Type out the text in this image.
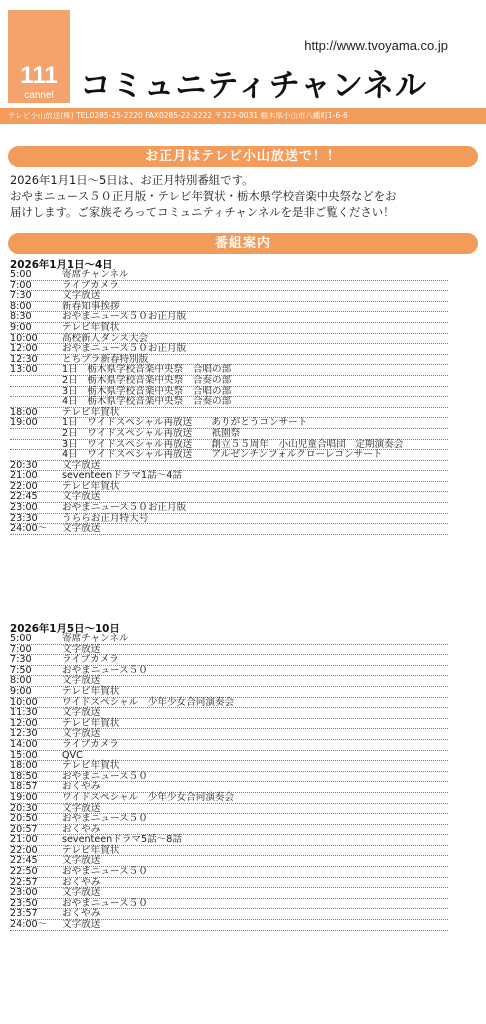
111
cannel
http://www.tvoyama.co.jp
コミュニティチャンネル
テレビ小山放送(株) TEL0285-25-2220 FAX0285-22-2222 〒323-0031 栃木県小山市八幡町1-6-6
お正月はテレビ小山放送で！！
2026年1月1日～5日は、お正月特別番組です。
おやまニュース５０正月版・テレビ年賀状・栃木県学校音楽中央祭などをお
届けします。ご家族そろってコミュニティチャンネルを是非ご覧ください！
番組案内
2026年1月1日～4日
5:00	寄席チャンネル
7:00	ライブカメラ
7:30	文字放送
8:00	新春知事挨拶
8:30	おやまニュース５０お正月版
9:00	テレビ年賀状
10:00	高校新人ダンス大会
12:00	おやまニュース５０お正月版
12:30	とちプラ新春特別版
13:00	1日　栃木県学校音楽中央祭　合唱の部
2日　栃木県学校音楽中央祭　合奏の部
3日　栃木県学校音楽中央祭　合唱の部
4日　栃木県学校音楽中央祭　合奏の部
18:00	テレビ年賀状
19:00	1日　ワイドスペシャル再放送　　ありがとうコンサート
2日　ワイドスペシャル再放送　　祇園祭
3日　ワイドスペシャル再放送　　創立５５周年　小山児童合唱団　定期演奏会
4日　ワイドスペシャル再放送　　アルゼンチンフォルクローレコンサート
20:30	文字放送
21:00	seventeenドラマ1話～4話
22:00	テレビ年賀状
22:45	文字放送
23:00	おやまニュース５０お正月版
23:30	うららお正月特大号
24:00～	文字放送
2026年1月5日～10日
5:00	寄席チャンネル
7:00	文字放送
7:30	ライブカメラ
7:50	おやまニュース５０
8:00	文字放送
9:00	テレビ年賀状
10:00	ワイドスペシャル　少年少女合同演奏会
11:30	文字放送
12:00	テレビ年賀状
12:30	文字放送
14:00	ライブカメラ
15:00	QVC
18:00	テレビ年賀状
18:50	おやまニュース５０
18:57	おくやみ
19:00	ワイドスペシャル　少年少女合同演奏会
20:30	文字放送
20:50	おやまニュース５０
20:57	おくやみ
21:00	seventeenドラマ5話～8話
22:00	テレビ年賀状
22:45	文字放送
22:50	おやまニュース５０
22:57	おくやみ
23:00	文字放送
23:50	おやまニュース５０
23:57	おくやみ
24:00～	文字放送
